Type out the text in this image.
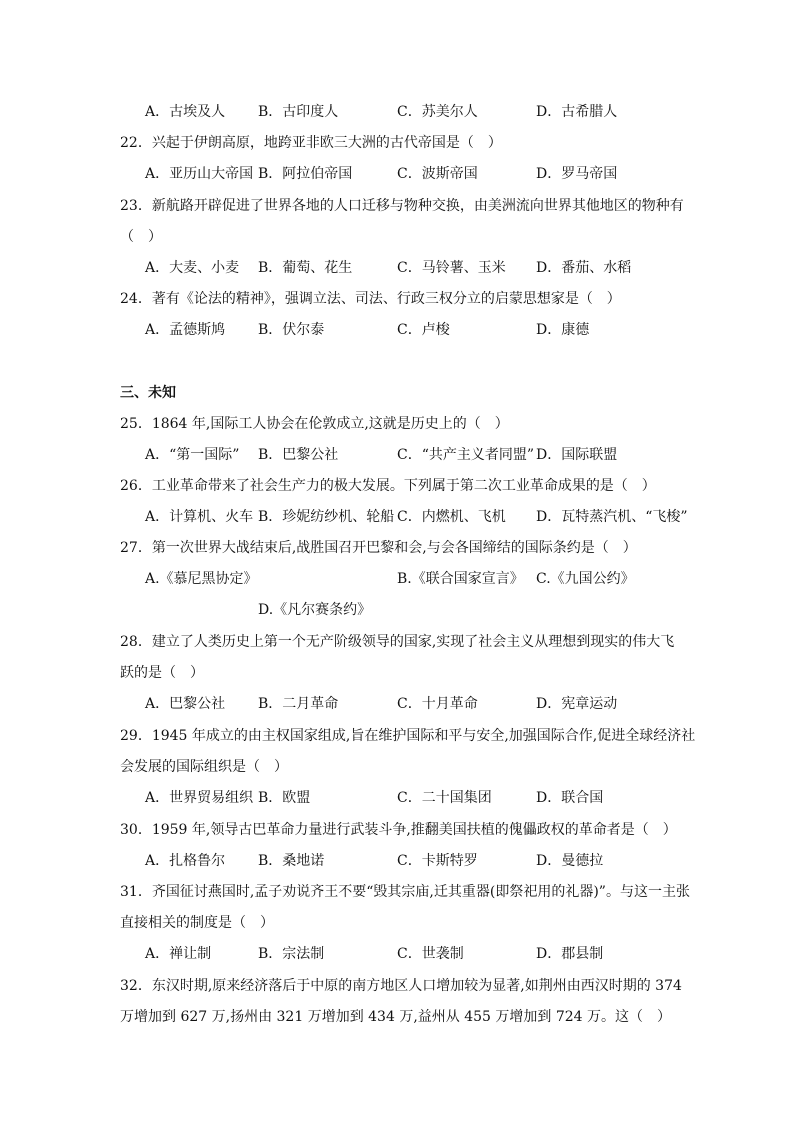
A．古埃及人 B．古印度人	C．苏美尔人	D．古希腊人
22．兴起于伊朗高原，地跨亚非欧三大洲的古代帝国是（　）
A．亚历山大帝国 B．阿拉伯帝国	C．波斯帝国	D．罗马帝国
23．新航路开辟促进了世界各地的人口迁移与物种交换，由美洲流向世界其他地区的物种有
（　）
A．大麦、小麦 B．葡萄、花生	C．马铃薯、玉米 D．番茄、水稻
24．著有《论法的精神》，强调立法、司法、行政三权分立的启蒙思想家是（　）
A．孟德斯鸠 B．伏尔泰	C．卢梭	D．康德
三、未知
25．1864 年,国际工人协会在伦敦成立,这就是历史上的（　）
A．“第一国际” B．巴黎公社	C．“共产主义者同盟” D．国际联盟
26．工业革命带来了社会生产力的极大发展。下列属于第二次工业革命成果的是（　）
A．计算机、火车 B．珍妮纺纱机、轮船 C．内燃机、飞机 D．瓦特蒸汽机、“飞梭”
27．第一次世界大战结束后,战胜国召开巴黎和会,与会各国缔结的国际条约是（　）
A.《慕尼黑协定》	B.《联合国家宣言》 C.《九国公约》
D.《凡尔赛条约》
28．建立了人类历史上第一个无产阶级领导的国家,实现了社会主义从理想到现实的伟大飞
跃的是（　）
A．巴黎公社 B．二月革命	C．十月革命	D．宪章运动
29．1945 年成立的由主权国家组成,旨在维护国际和平与安全,加强国际合作,促进全球经济社
会发展的国际组织是（　）
A．世界贸易组织 B．欧盟	C．二十国集团	D．联合国
30．1959 年,领导古巴革命力量进行武装斗争,推翻美国扶植的傀儡政权的革命者是（　）
A．扎格鲁尔 B．桑地诺	C．卡斯特罗	D．曼德拉
31．齐国征讨燕国时,孟子劝说齐王不要“毁其宗庙,迁其重器(即祭祀用的礼器)”。与这一主张
直接相关的制度是（　）
A．禅让制	B．宗法制	C．世袭制	D．郡县制
32．东汉时期,原来经济落后于中原的南方地区人口增加较为显著,如荆州由西汉时期的 374
万增加到 627 万,扬州由 321 万增加到 434 万,益州从 455 万增加到 724 万。这（　）
